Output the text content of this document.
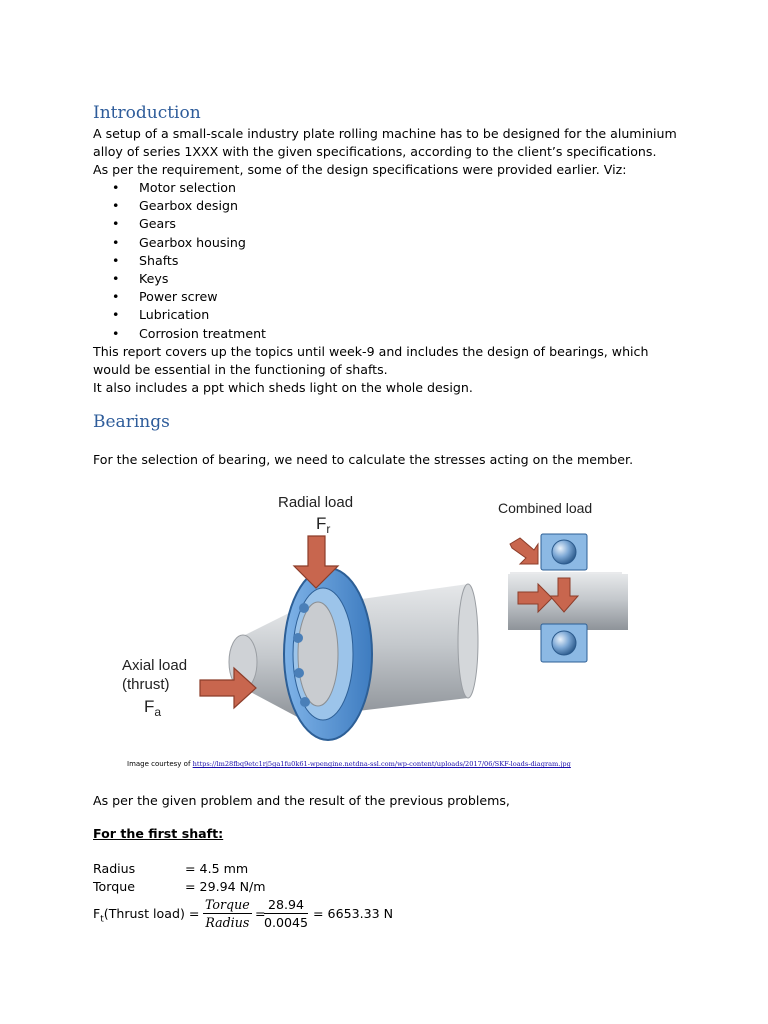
Introduction
A setup of a small-scale industry plate rolling machine has to be designed for the aluminium
alloy of series 1XXX with the given specifications, according to the client’s specifications.
As per the requirement, some of the design specifications were provided earlier. Viz:
•	Motor selection
•	Gearbox design
•	Gears
•	Gearbox housing
•	Shafts
•	Keys
•	Power screw
•	Lubrication
•	Corrosion treatment
This report covers up the topics until week-9 and includes the design of bearings, which
would be essential in the functioning of shafts.
It also includes a ppt which sheds light on the whole design.
Bearings
For the selection of bearing, we need to calculate the stresses acting on the member.
Radial load
$F_r$
Axial load
(thrust)
$F_a$
Combined load
Image courtesy of https://lm28fbq9etc1rj5ga1fu0k61-wpengine.netdna-ssl.com/wp-content/uploads/2017/06/SKF-loads-diagram.jpg
As per the given problem and the result of the previous problems,
For the first shaft:
Radius	= 4.5 mm
Torque	= 29.94 N/m
$F_t(Thrust$ load) =
Torque
Radius
=
$\frac{28.94}{0.0045} = 6653.33$ N
